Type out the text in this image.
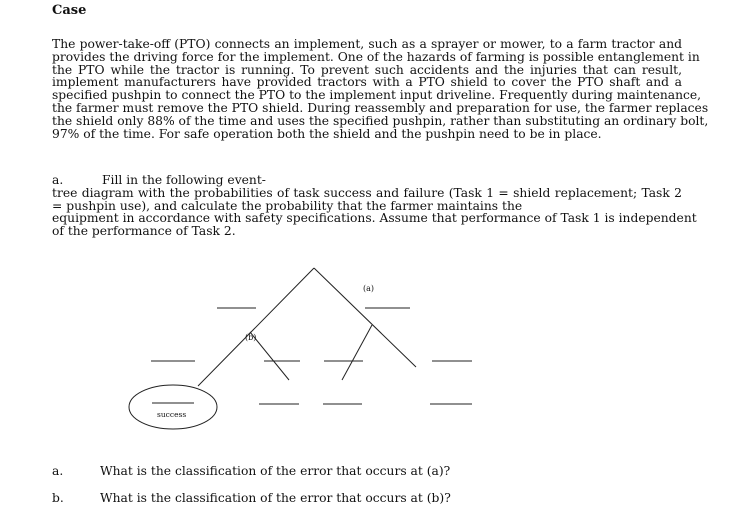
Case
The power-take-off (PTO) connects an implement, such as a sprayer or mower, to a farm tractor and
provides the driving force for the implement. One of the hazards of farming is possible entanglement in
the PTO while the tractor is running. To prevent such accidents and the injuries that can result,
implement manufacturers have provided tractors with a PTO shield to cover the PTO shaft and a
specified pushpin to connect the PTO to the implement input driveline. Frequently during maintenance,
the farmer must remove the PTO shield. During reassembly and preparation for use, the farmer replaces
the shield only 88% of the time and uses the specified pushpin, rather than substituting an ordinary bolt,
97% of the time. For safe operation both the shield and the pushpin need to be in place.
a.	Fill in the following event-
tree diagram with the probabilities of task success and failure (Task 1 = shield replacement; Task 2
= pushpin use), and calculate the probability that the farmer maintains the
equipment in accordance with safety specifications. Assume that performance of Task 1 is independent
of the performance of Task 2.
(a)
(b)
success
a.	What is the classification of the error that occurs at (a)?
b.	What is the classification of the error that occurs at (b)?
